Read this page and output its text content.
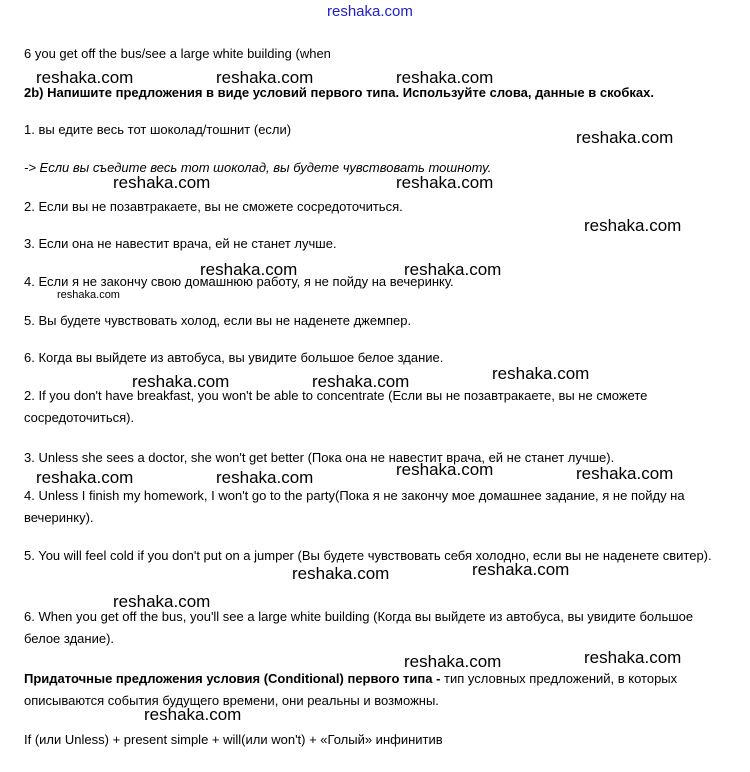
reshaka.com
6 you get off the bus/see a large white building (when
2b) Напишите предложения в виде условий первого типа. Используйте слова, данные в скобках.
1. вы едите весь тот шоколад/тошнит (если)
-> Если вы съедите весь тот шоколад, вы будете чувствовать тошноту.
2. Если вы не позавтракаете, вы не сможете сосредоточиться.
3. Если она не навестит врача, ей не станет лучше.
4. Если я не закончу свою домашнюю работу, я не пойду на вечеринку.
5. Вы будете чувствовать холод, если вы не наденете джемпер.
6. Когда вы выйдете из автобуса, вы увидите большое белое здание.
2. If you don't have breakfast, you won't be able to concentrate (Если вы не позавтракаете, вы не сможете сосредоточиться).
3. Unless she sees a doctor, she won't get better (Пока она не навестит врача, ей не станет лучше).
4. Unless I finish my homework, I won't go to the party(Пока я не закончу мое домашнее задание, я не пойду на вечеринку).
5. You will feel cold if you don't put on a jumper (Вы будете чувствовать себя холодно, если вы не наденете свитер).
6. When you get off the bus, you'll see a large white building (Когда вы выйдете из автобуса, вы увидите большое белое здание).
Придаточные предложения условия (Conditional) первого типа - тип условных предложений, в которых описываются события будущего времени, они реальны и возможны.
If (или Unless) + present simple + will(или won't) + «Голый» инфинитив
reshaka.com	reshaka.com	reshaka.com
reshaka.com
reshaka.com	reshaka.com
reshaka.com
reshaka.com	reshaka.com
reshaka.com
reshaka.com	reshaka.com	reshaka.com
reshaka.com	reshaka.com	reshaka.com	reshaka.com
reshaka.com	reshaka.com
reshaka.com
reshaka.com	reshaka.com
reshaka.com
